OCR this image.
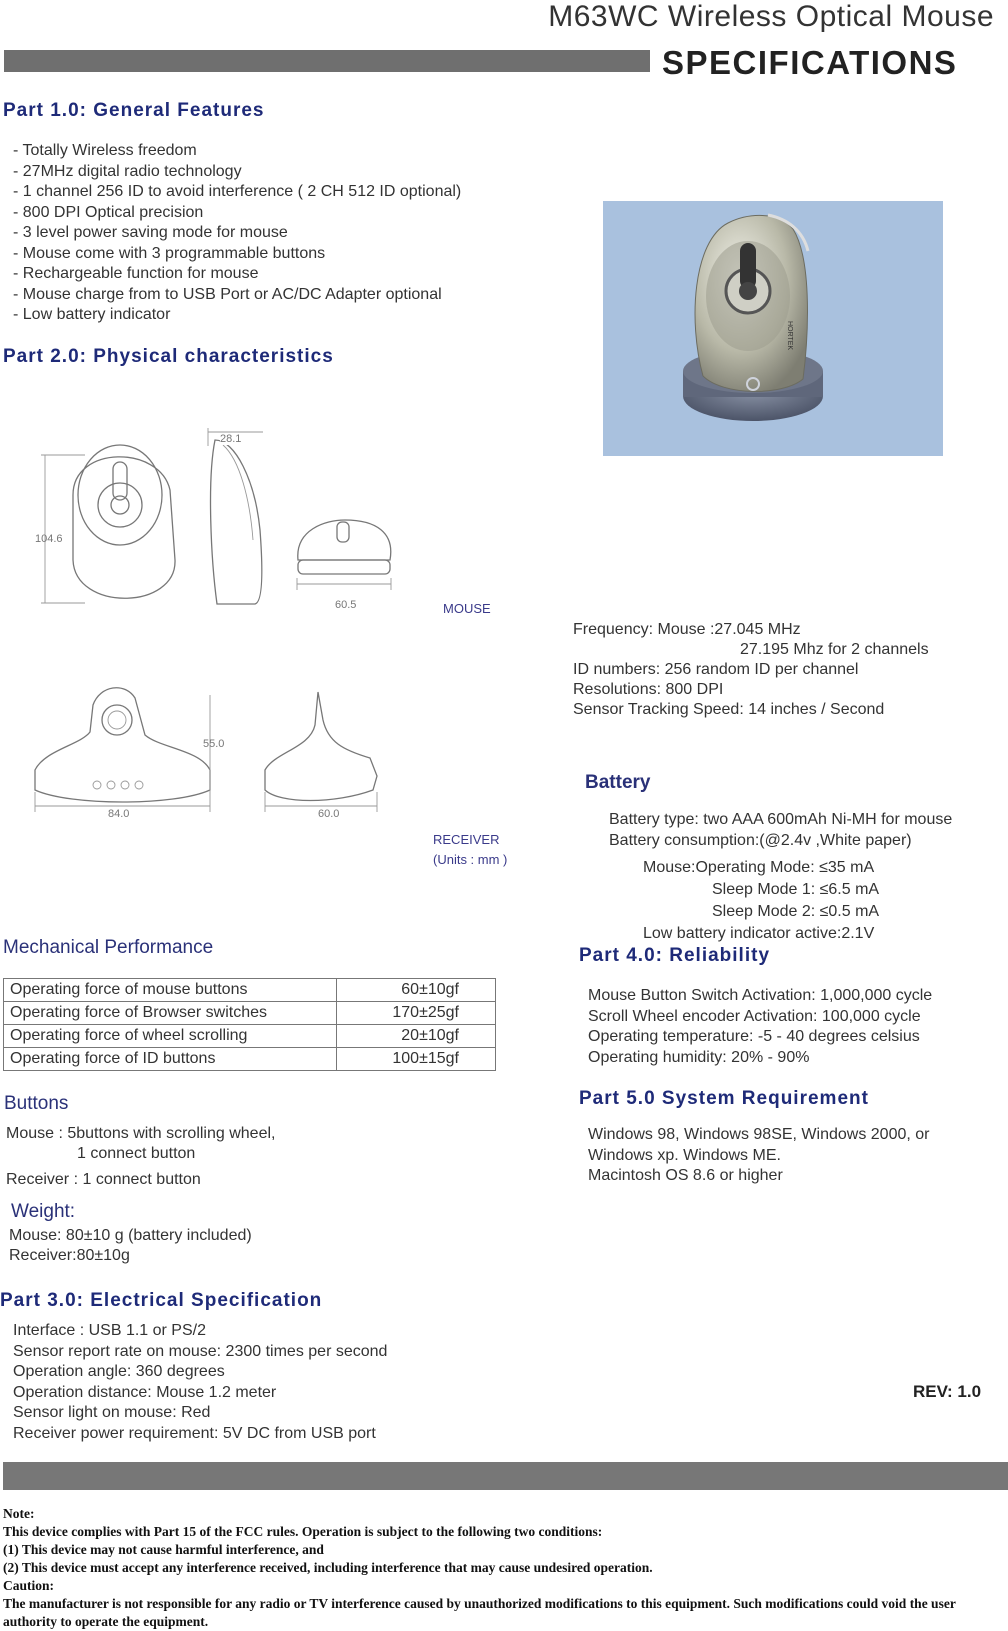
M63WC Wireless Optical Mouse
SPECIFICATIONS
Part 1.0: General Features
- Totally Wireless freedom
- 27MHz digital radio technology
- 1 channel 256 ID to avoid interference ( 2 CH 512 ID optional)
- 800 DPI Optical precision
- 3 level power saving mode for mouse
- Mouse come with 3 programmable buttons
- Rechargeable function for mouse
- Mouse charge from to USB Port or AC/DC Adapter optional
- Low battery indicator
HORTEK
Part 2.0: Physical characteristics
104.6
28.1
60.5	MOUSE
55.0
84.0	60.0
RECEIVER
(Units : mm )
Frequency: Mouse :27.045 MHz
27.195 Mhz for 2 channels
ID numbers: 256 random ID per channel
Resolutions: 800 DPI
Sensor Tracking Speed: 14 inches / Second
Battery
Battery type: two AAA 600mAh Ni-MH for mouse
Battery consumption:(@2.4v ,White paper)
Mouse:Operating Mode: ≤35 mA
Sleep Mode 1: ≤6.5 mA
Sleep Mode 2: ≤0.5 mA
Low battery indicator active:2.1V
Mechanical Performance
Operating force of mouse buttons	60±10gf
Operating force of Browser switches	170±25gf
Operating force of wheel scrolling	20±10gf
Operating force of ID buttons	100±15gf
Buttons
Mouse : 5buttons with scrolling wheel,
1 connect button
Receiver : 1 connect button
Weight:
Mouse: 80±10 g (battery included)
Receiver:80±10g
Part 3.0: Electrical Specification
Interface : USB 1.1 or PS/2
Sensor report rate on mouse: 2300 times per second
Operation angle: 360 degrees
Operation distance: Mouse 1.2 meter
Sensor light on mouse: Red
Receiver power requirement: 5V DC from USB port
Part 4.0: Reliability
Mouse Button Switch Activation: 1,000,000 cycle
Scroll Wheel encoder Activation: 100,000 cycle
Operating temperature: -5 - 40 degrees celsius
Operating humidity: 20% - 90%
Part 5.0 System Requirement
Windows 98, Windows 98SE, Windows 2000, or
Windows xp. Windows ME.
Macintosh OS 8.6 or higher
REV: 1.0
Note:
This device complies with Part 15 of the FCC rules. Operation is subject to the following two conditions:
(1) This device may not cause harmful interference, and
(2) This device must accept any interference received, including interference that may cause undesired operation.
Caution:
The manufacturer is not responsible for any radio or TV interference caused by unauthorized modifications to this equipment. Such modifications could void the user authority to operate the equipment.
